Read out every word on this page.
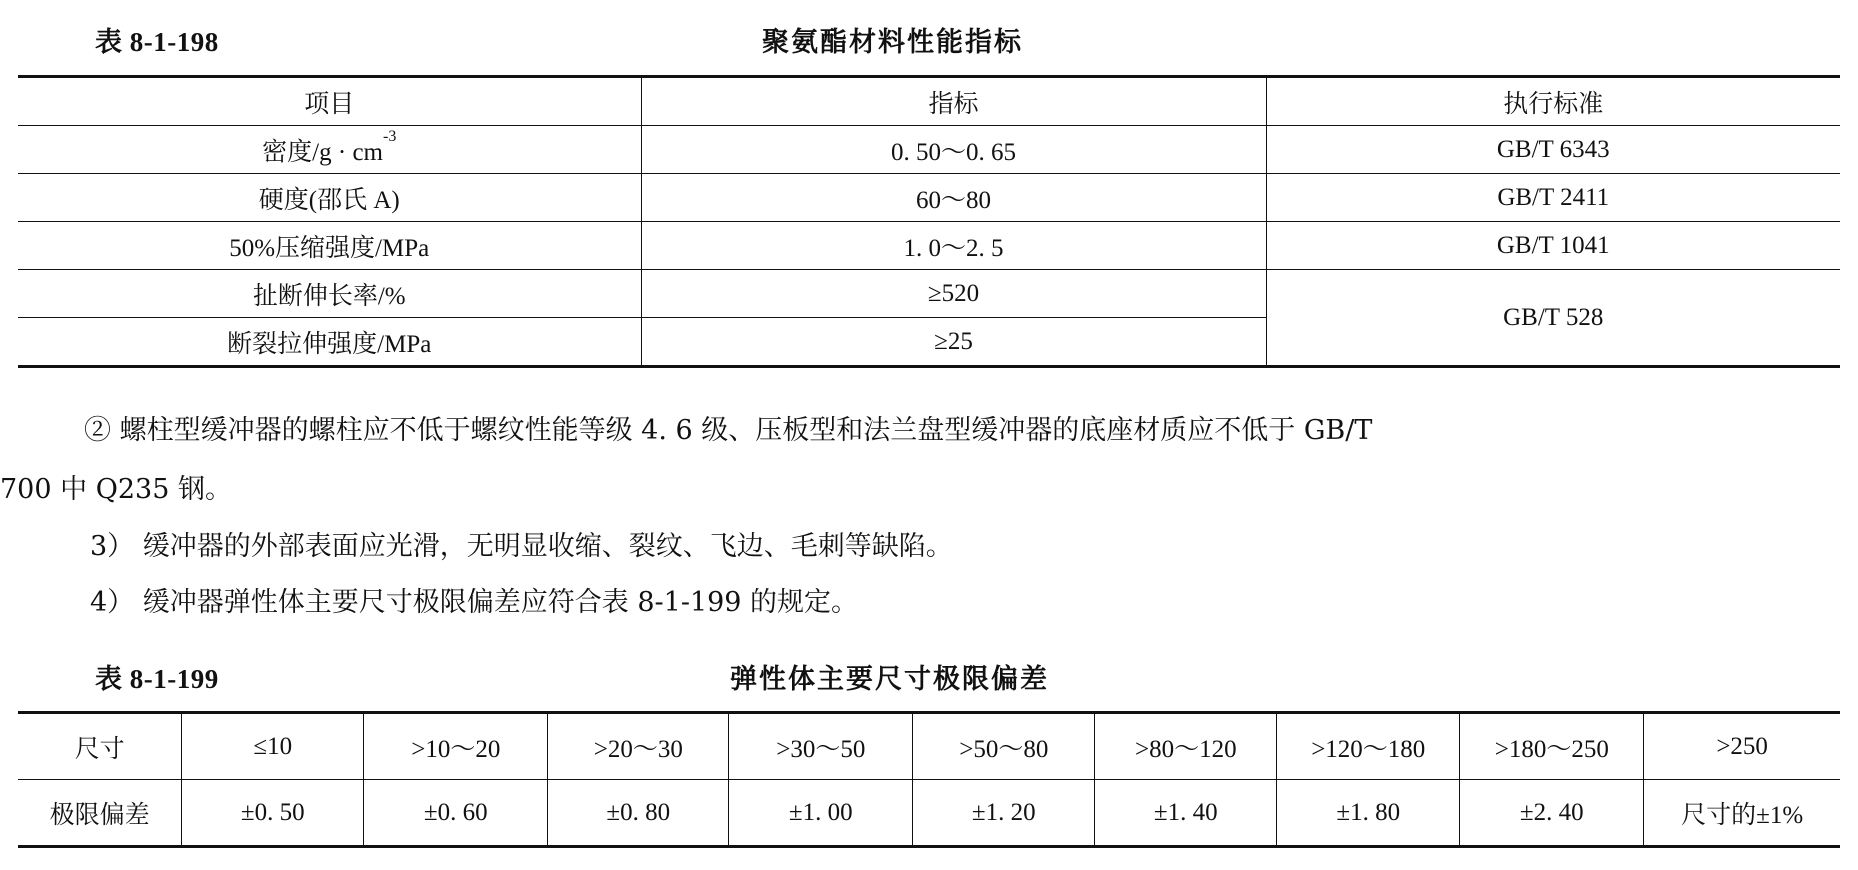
表 8-1-198	聚氨酯材料性能指标
项目	指标	执行标准
密度$/g \cdot cm^{-3}$	0. 50～0. 65	GB/T 6343
硬度(邵氏 A)	60～80	GB/T 2411
50%压缩强度/MPa	1. 0～2. 5	GB/T 1041
扯断伸长率/%	≥520	GB/T 528
断裂拉伸强度/MPa	≥25	
② 螺柱型缓冲器的螺柱应不低于螺纹性能等级 4. 6 级、压板型和法兰盘型缓冲器的底座材质应不低于 GB/T
700 中 Q235 钢。
3） 缓冲器的外部表面应光滑，无明显收缩、裂纹、飞边、毛刺等缺陷。
4） 缓冲器弹性体主要尺寸极限偏差应符合表 8-1-199 的规定。
表 8-1-199	弹性体主要尺寸极限偏差
尺寸	≤10	>10～20	>20～30	>30～50	>50～80	>80～120	>120～180	>180～250	>250
极限偏差	±0. 50	±0. 60	±0. 80	±1. 00	±1. 20	±1. 40	±1. 80	±2. 40	尺寸的±1%
